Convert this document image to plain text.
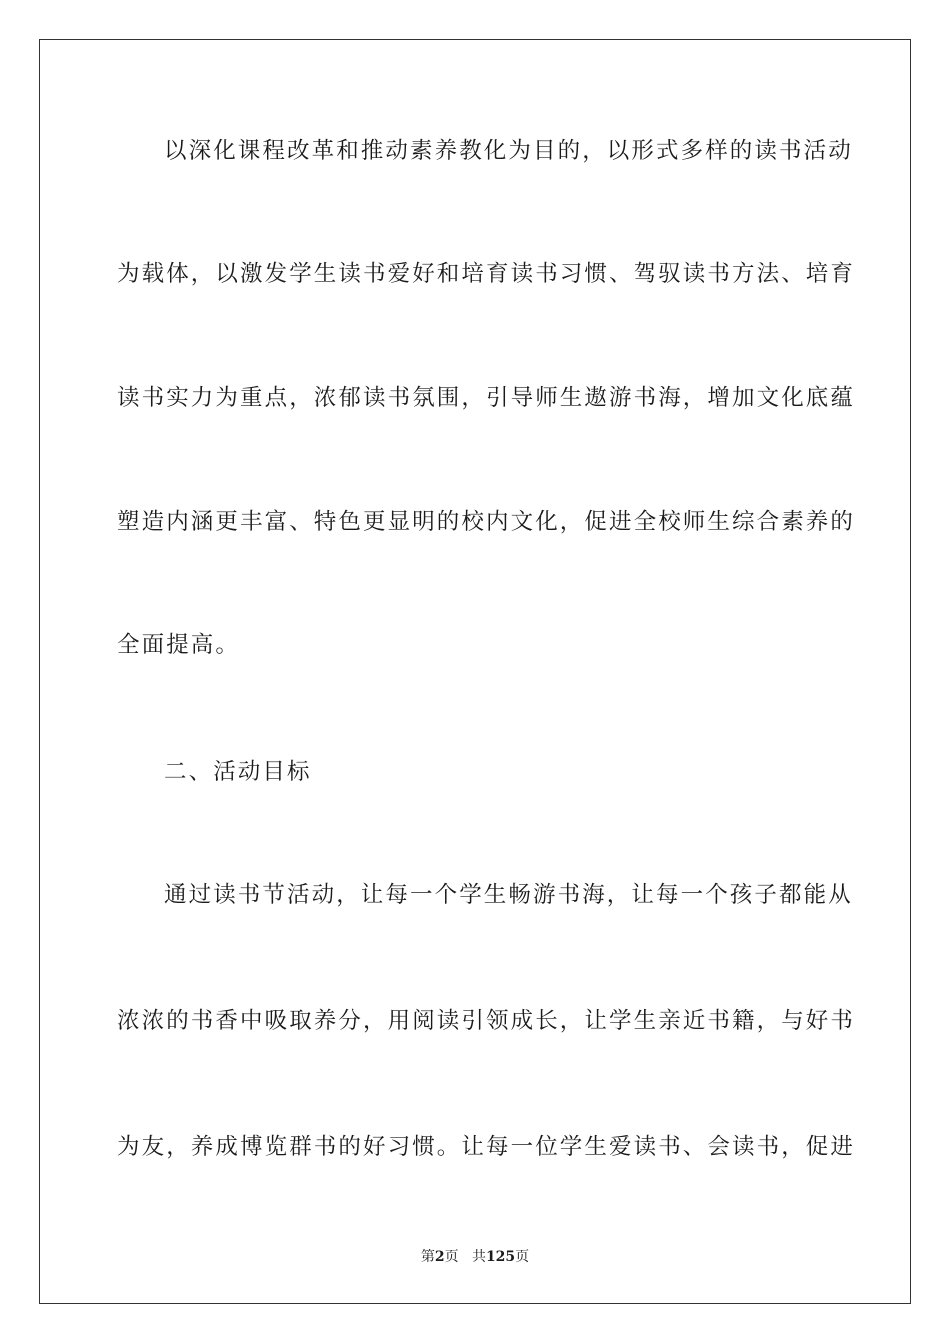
以深化课程改革和推动素养教化为目的，以形式多样的读书活动
为载体，以激发学生读书爱好和培育读书习惯、驾驭读书方法、培育
读书实力为重点，浓郁读书氛围，引导师生遨游书海，增加文化底蕴
塑造内涵更丰富、特色更显明的校内文化，促进全校师生综合素养的
全面提高。
二、活动目标
通过读书节活动，让每一个学生畅游书海，让每一个孩子都能从
浓浓的书香中吸取养分，用阅读引领成长，让学生亲近书籍，与好书
为友，养成博览群书的好习惯。让每一位学生爱读书、会读书，促进
第2页 共125页
